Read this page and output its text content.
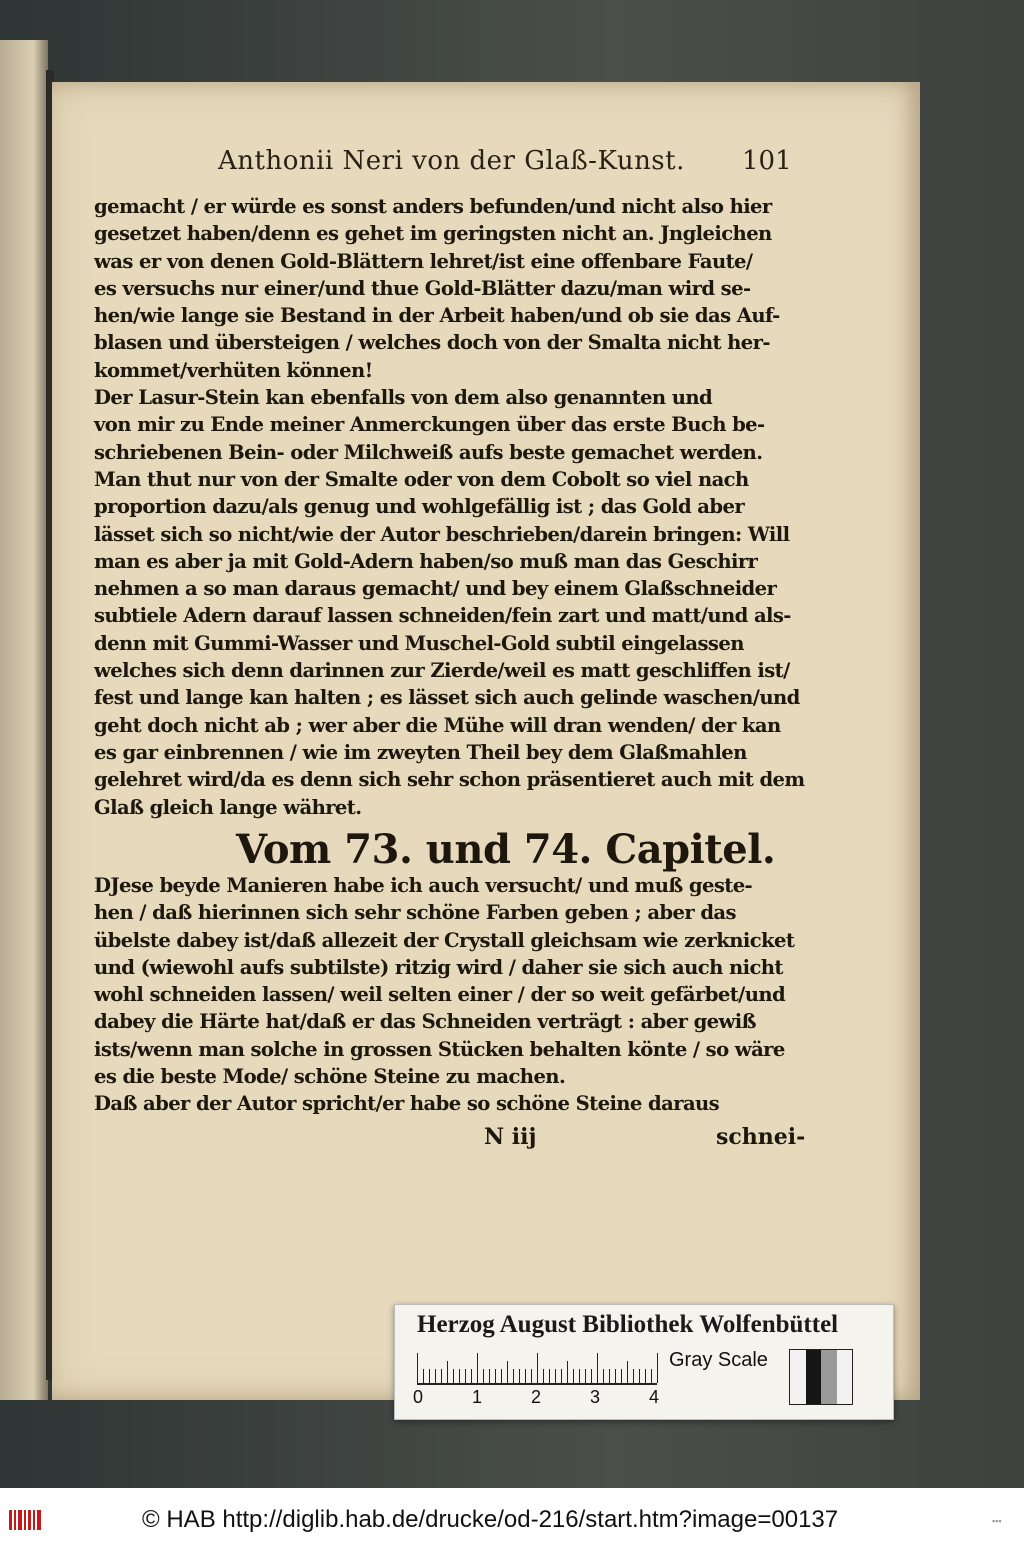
Anthonii Neri von der Glaß-Kunst. 101
gemacht / er würde es sonst anders befunden/und nicht also hier
gesetzet haben/denn es gehet im geringsten nicht an. Jngleichen
was er von denen Gold-Blättern lehret/ist eine offenbare Faute/
es versuchs nur einer/und thue Gold-Blätter dazu/man wird se-
hen/wie lange sie Bestand in der Arbeit haben/und ob sie das Auf-
blasen und übersteigen / welches doch von der Smalta nicht her-
kommet/verhüten können!
Der Lasur-Stein kan ebenfalls von dem also genannten und
von mir zu Ende meiner Anmerckungen über das erste Buch be-
schriebenen Bein- oder Milchweiß aufs beste gemachet werden.
Man thut nur von der Smalte oder von dem Cobolt so viel nach
proportion dazu/als genug und wohlgefällig ist ; das Gold aber
lässet sich so nicht/wie der Autor beschrieben/darein bringen: Will
man es aber ja mit Gold-Adern haben/so muß man das Geschirr
nehmen a so man daraus gemacht/ und bey einem Glaßschneider
subtiele Adern darauf lassen schneiden/fein zart und matt/und als-
denn mit Gummi-Wasser und Muschel-Gold subtil eingelassen
welches sich denn darinnen zur Zierde/weil es matt geschliffen ist/
fest und lange kan halten ; es lässet sich auch gelinde waschen/und
geht doch nicht ab ; wer aber die Mühe will dran wenden/ der kan
es gar einbrennen / wie im zweyten Theil bey dem Glaßmahlen
gelehret wird/da es denn sich sehr schon präsentieret auch mit dem
Glaß gleich lange währet.
Vom 73. und 74. Capitel.
DJese beyde Manieren habe ich auch versucht/ und muß geste-
hen / daß hierinnen sich sehr schöne Farben geben ; aber das
übelste dabey ist/daß allezeit der Crystall gleichsam wie zerknicket
und (wiewohl aufs subtilste) ritzig wird / daher sie sich auch nicht
wohl schneiden lassen/ weil selten einer / der so weit gefärbet/und
dabey die Härte hat/daß er das Schneiden verträgt : aber gewiß
ists/wenn man solche in grossen Stücken behalten könte / so wäre
es die beste Mode/ schöne Steine zu machen.
Daß aber der Autor spricht/er habe so schöne Steine daraus
N iij	schnei-
Herzog August Bibliothek Wolfenbüttel
Gray Scale
0	1	2	3	4
© HAB http://diglib.hab.de/drucke/od-216/start.htm?image=00137	▪▪▪
